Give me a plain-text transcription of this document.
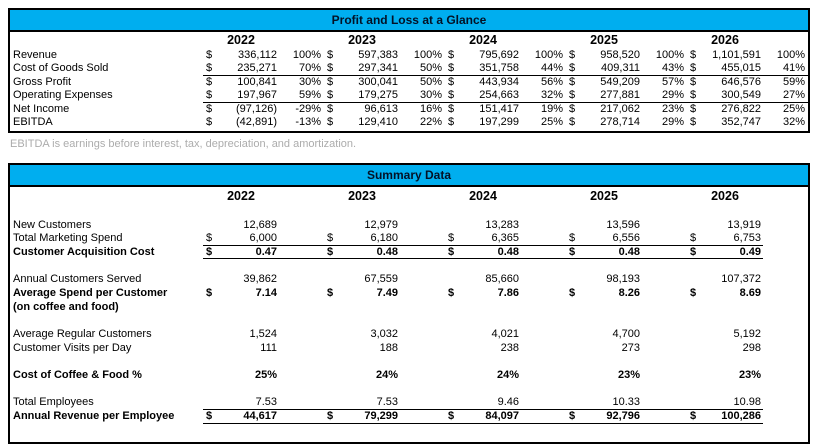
Profit and Loss at a Glance
	2022			2023			2024			2025			2026		
Revenue	$	336,112	100%	$	597,383	100%	$	795,692	100%	$	958,520	100%	$	1,101,591	100%
Cost of Goods Sold	$	235,271	70%	$	297,341	50%	$	351,758	44%	$	409,311	43%	$	455,015	41%
Gross Profit	$	100,841	30%	$	300,041	50%	$	443,934	56%	$	549,209	57%	$	646,576	59%
Operating Expenses	$	197,967	59%	$	179,275	30%	$	254,663	32%	$	277,881	29%	$	300,549	27%
Net Income	$	(97,126)	-29%	$	96,613	16%	$	151,417	19%	$	217,062	23%	$	276,822	25%
EBITDA	$	(42,891)	-13%	$	129,410	22%	$	197,299	25%	$	278,714	29%	$	352,747	32%
EBITDA is earnings before interest, tax, depreciation, and amortization.
Summary Data
	2022			2023			2024			2025			2026		

New Customers		12,689			12,979			13,283			13,596			13,919	
Total Marketing Spend	$	6,000		$	6,180		$	6,365		$	6,556		$	6,753	
Customer Acquisition Cost	$	0.47		$	0.48		$	0.48		$	0.48		$	0.49	

Annual Customers Served		39,862			67,559			85,660			98,193			107,372	
Average Spend per Customer	$	7.14		$	7.49		$	7.86		$	8.26		$	8.69	
(on coffee and food)															

Average Regular Customers		1,524			3,032			4,021			4,700			5,192	
Customer Visits per Day		111			188			238			273			298	

Cost of Coffee & Food %		25%			24%			24%			23%			23%	

Total Employees		7.53			7.53			9.46			10.33			10.98	
Annual Revenue per Employee	$	44,617		$	79,299		$	84,097		$	92,796		$	100,286	
